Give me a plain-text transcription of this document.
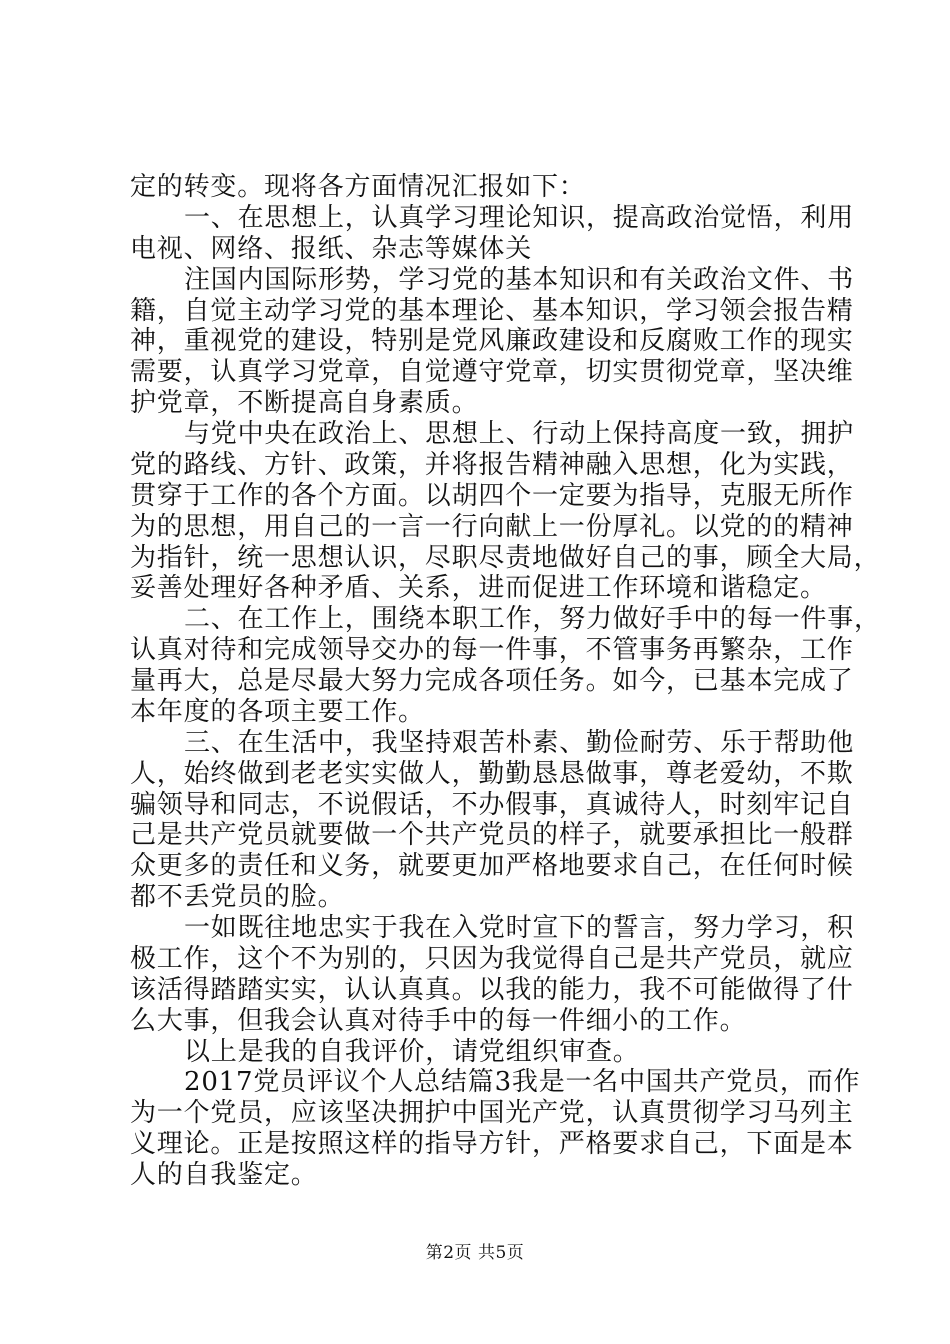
定的转变。现将各方面情况汇报如下：
一、在思想上，认真学习理论知识，提高政治觉悟，利用
电视、网络、报纸、杂志等媒体关
注国内国际形势，学习党的基本知识和有关政治文件、书
籍，自觉主动学习党的基本理论、基本知识，学习领会报告精
神，重视党的建设，特别是党风廉政建设和反腐败工作的现实
需要，认真学习党章，自觉遵守党章，切实贯彻党章，坚决维
护党章，不断提高自身素质。
与党中央在政治上、思想上、行动上保持高度一致，拥护
党的路线、方针、政策，并将报告精神融入思想，化为实践，
贯穿于工作的各个方面。以胡四个一定要为指导，克服无所作
为的思想，用自己的一言一行向献上一份厚礼。以党的的精神
为指针，统一思想认识，尽职尽责地做好自己的事，顾全大局，
妥善处理好各种矛盾、关系，进而促进工作环境和谐稳定。
二、在工作上，围绕本职工作，努力做好手中的每一件事，
认真对待和完成领导交办的每一件事，不管事务再繁杂，工作
量再大，总是尽最大努力完成各项任务。如今，已基本完成了
本年度的各项主要工作。
三、在生活中，我坚持艰苦朴素、勤俭耐劳、乐于帮助他
人，始终做到老老实实做人，勤勤恳恳做事，尊老爱幼，不欺
骗领导和同志，不说假话，不办假事，真诚待人，时刻牢记自
己是共产党员就要做一个共产党员的样子，就要承担比一般群
众更多的责任和义务，就要更加严格地要求自己，在任何时候
都不丢党员的脸。
一如既往地忠实于我在入党时宣下的誓言，努力学习，积
极工作，这个不为别的，只因为我觉得自己是共产党员，就应
该活得踏踏实实，认认真真。以我的能力，我不可能做得了什
么大事，但我会认真对待手中的每一件细小的工作。
以上是我的自我评价，请党组织审查。
2017党员评议个人总结篇3我是一名中国共产党员，而作
为一个党员，应该坚决拥护中国光产党，认真贯彻学习马列主
义理论。正是按照这样的指导方针，严格要求自己，下面是本
人的自我鉴定。
第2页 共5页
